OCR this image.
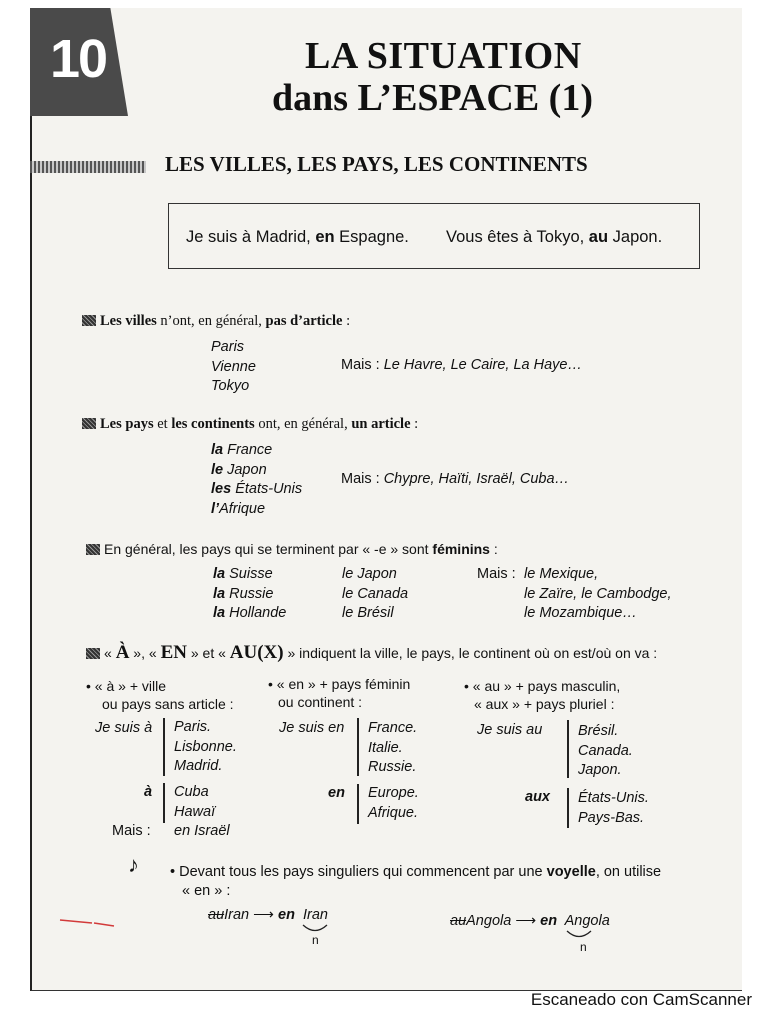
10	LA SITUATION
dans L’ESPACE (1)
LES VILLES, LES PAYS, LES CONTINENTS
Je suis à Madrid, en Espagne. Vous êtes à Tokyo, au Japon.
Les villes n’ont, en général, pas d’article :
Paris
Vienne
Tokyo
Mais : Le Havre, Le Caire, La Haye…
Les pays et les continents ont, en général, un article :
la France
le Japon
les États-Unis
l’Afrique
Mais : Chypre, Haïti, Israël, Cuba…
En général, les pays qui se terminent par « -e » sont féminins :
la Suisse
la Russie
la Hollande
le Japon
le Canada
le Brésil
Mais : le Mexique,
le Zaïre, le Cambodge,
le Mozambique…
« À », « EN » et « AU(X) » indiquent la ville, le pays, le continent où on est/où on va :
• « à » + ville
ou pays sans article :
Je suis à Paris.
Lisbonne.
Madrid.
à Cuba
Hawaï
Mais : en Israël
• « en » + pays féminin
ou continent :
Je suis en France.
Italie.
Russie.
en Europe.
Afrique.
• « au » + pays masculin,
« aux » + pays pluriel :
Je suis au Brésil.
Canada.
Japon.
aux États-Unis.
Pays-Bas.
♪ • Devant tous les pays singuliers qui commencent par une voyelle, on utilise
« en » :
auIran ⟶ en Iran
n
auAngola ⟶ en Angola
n
Escaneado con CamScanner
